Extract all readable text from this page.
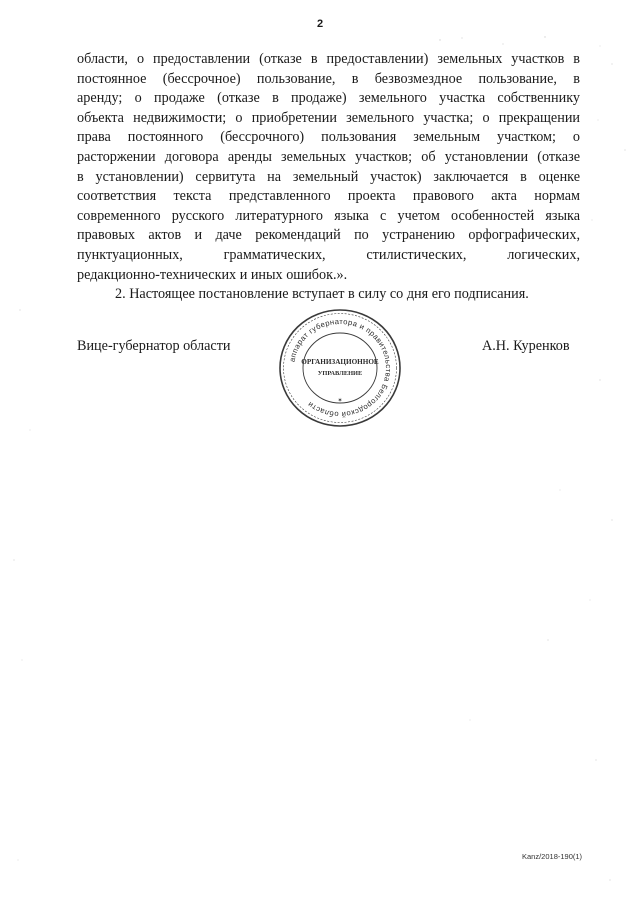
2

области, о предоставлении (отказе в предоставлении) земельных участков в
постоянное (бессрочное) пользование, в безвозмездное пользование, в
аренду; о продаже (отказе в продаже) земельного участка собственнику
объекта недвижимости; о приобретении земельного участка; о прекращении
права постоянного (бессрочного) пользования земельным участком; о
расторжении договора аренды земельных участков; об установлении (отказе
в установлении) сервитута на земельный участок) заключается в оценке
соответствия текста представленного проекта правового акта нормам
современного русского литературного языка с учетом особенностей языка
правовых актов и даче рекомендаций по устранению орфографических,
пунктуационных, грамматических, стилистических, логических,
редакционно-технических и иных ошибок.».

2. Настоящее постановление вступает в силу со дня его подписания.

Вице-губернатор области	А.Н. Куренков
аппарат губернатора и правительства Белгородской области
ОРГАНИЗАЦИОННОЕ
УПРАВЛЕНИЕ
✶
Kanz/2018-190(1)
